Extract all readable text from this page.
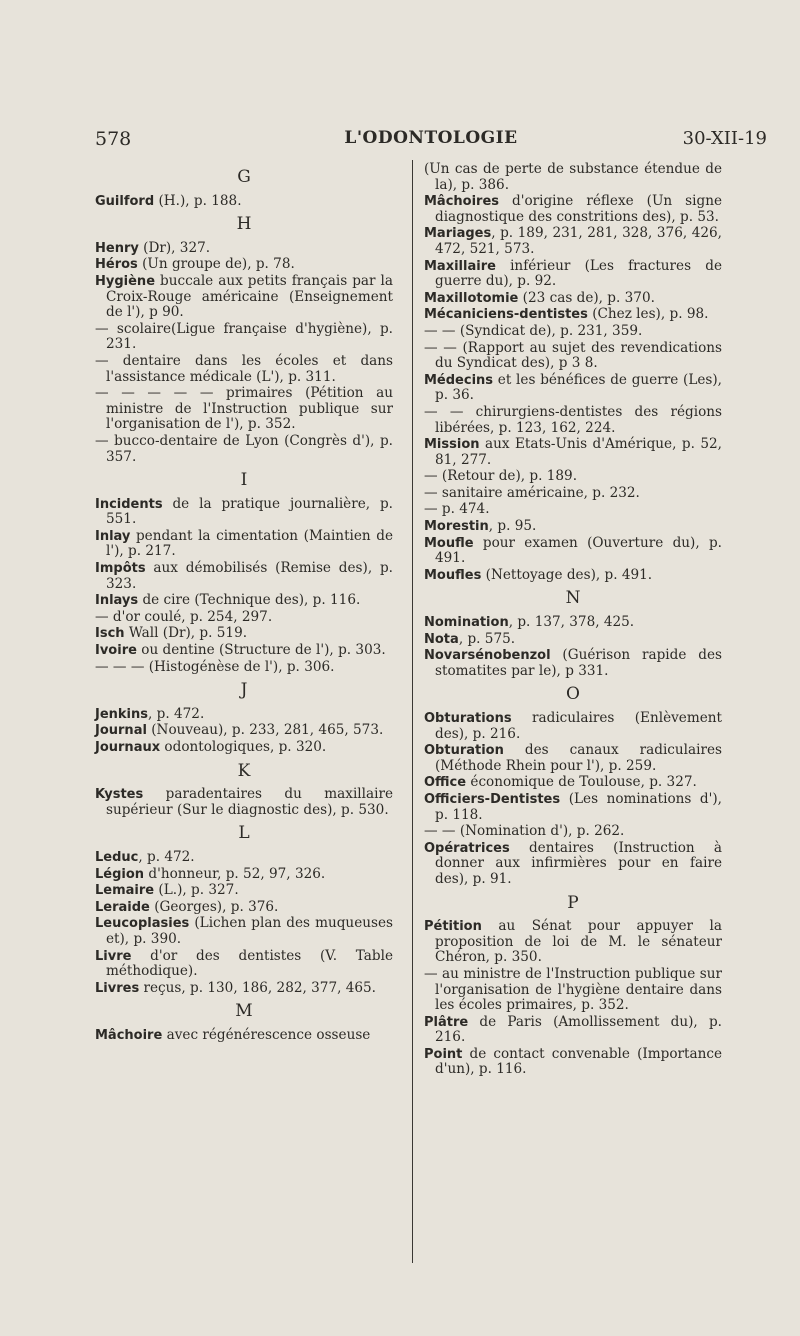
578	L'ODONTOLOGIE	30-XII-19
G
Guilford (H.), p. 188.
H
Henry (Dr), 327.
Héros (Un groupe de), p. 78.
Hygiène buccale aux petits français par la Croix-Rouge américaine (Enseignement de l'), p 90.
— scolaire(Ligue française d'hygiène), p. 231.
— dentaire dans les écoles et dans l'assistance médicale (L'), p. 311.
— — — — — primaires (Pétition au ministre de l'Instruction publique sur l'organisation de l'), p. 352.
— bucco-dentaire de Lyon (Congrès d'), p. 357.
I
Incidents de la pratique journalière, p. 551.
Inlay pendant la cimentation (Maintien de l'), p. 217.
Impôts aux démobilisés (Remise des), p. 323.
Inlays de cire (Technique des), p. 116.
— d'or coulé, p. 254, 297.
Isch Wall (Dr), p. 519.
Ivoire ou dentine (Structure de l'), p. 303.
— — — (Histogénèse de l'), p. 306.
J
Jenkins, p. 472.
Journal (Nouveau), p. 233, 281, 465, 573.
Journaux odontologiques, p. 320.
K
Kystes paradentaires du maxillaire supérieur (Sur le diagnostic des), p. 530.
L
Leduc, p. 472.
Légion d'honneur, p. 52, 97, 326.
Lemaire (L.), p. 327.
Leraide (Georges), p. 376.
Leucoplasies (Lichen plan des muqueuses et), p. 390.
Livre d'or des dentistes (V. Table méthodique).
Livres reçus, p. 130, 186, 282, 377, 465.
M
Mâchoire avec régénérescence osseuse
(Un cas de perte de substance étendue de la), p. 386.
Mâchoires d'origine réflexe (Un signe diagnostique des constritions des), p. 53.
Mariages, p. 189, 231, 281, 328, 376, 426, 472, 521, 573.
Maxillaire inférieur (Les fractures de guerre du), p. 92.
Maxillotomie (23 cas de), p. 370.
Mécaniciens-dentistes (Chez les), p. 98.
— — (Syndicat de), p. 231, 359.
— — (Rapport au sujet des revendications du Syndicat des), p 3 8.
Médecins et les bénéfices de guerre (Les), p. 36.
— — chirurgiens-dentistes des régions libérées, p. 123, 162, 224.
Mission aux Etats-Unis d'Amérique, p. 52, 81, 277.
— (Retour de), p. 189.
— sanitaire américaine, p. 232.
— p. 474.
Morestin, p. 95.
Moufle pour examen (Ouverture du), p. 491.
Moufles (Nettoyage des), p. 491.
N
Nomination, p. 137, 378, 425.
Nota, p. 575.
Novarsénobenzol (Guérison rapide des stomatites par le), p 331.
O
Obturations radiculaires (Enlèvement des), p. 216.
Obturation des canaux radiculaires (Méthode Rhein pour l'), p. 259.
Office économique de Toulouse, p. 327.
Officiers-Dentistes (Les nominations d'), p. 118.
— — (Nomination d'), p. 262.
Opératrices dentaires (Instruction à donner aux infirmières pour en faire des), p. 91.
P
Pétition au Sénat pour appuyer la proposition de loi de M. le sénateur Chéron, p. 350.
— au ministre de l'Instruction publique sur l'organisation de l'hygiène dentaire dans les écoles primaires, p. 352.
Plâtre de Paris (Amollissement du), p. 216.
Point de contact convenable (Importance d'un), p. 116.
